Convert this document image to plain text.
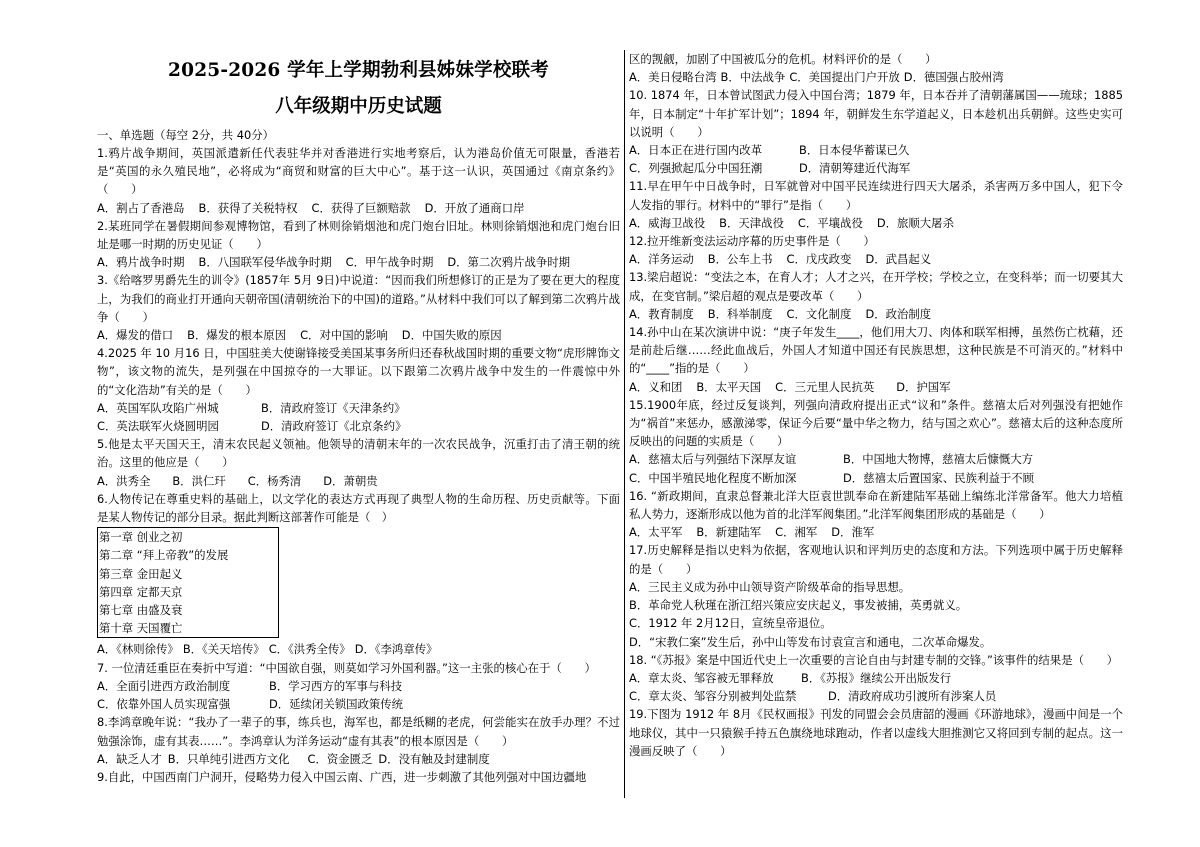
2025-2026 学年上学期勃利县姊妹学校联考
八年级期中历史试题
一、单选题（每空 2分，共 40分）

1.鸦片战争期间，英国派遣新任代表驻华并对香港进行实地考察后，认为港岛价值无可限量，香港若是“英国的永久殖民地”，必将成为“商贸和财富的巨大中心”。基于这一认识，英国通过《南京条约》（　　）

A．割占了香港岛 B．获得了关税特权 C．获得了巨额赔款 D．开放了通商口岸

2.某班同学在暑假期间参观博物馆，看到了林则徐销烟池和虎门炮台旧址。林则徐销烟池和虎门炮台旧址是哪一时期的历史见证（　　）

A．鸦片战争时期 B．八国联军侵华战争时期 C．甲午战争时期 D．第二次鸦片战争时期

3.《给喀罗男爵先生的训令》(1857年 5月 9日)中说道：“因而我们所想修订的正是为了要在更大的程度上，为我们的商业打开通向天朝帝国(清朝统治下的中国)的道路。”从材料中我们可以了解到第二次鸦片战争（　　）

A．爆发的借口 B．爆发的根本原因 C．对中国的影响 D．中国失败的原因

4.2025 年 10 月16 日，中国驻美大使谢锋接受美国某事务所归还春秋战国时期的重要文物“虎形牌饰文物”，该文物的流失，是列强在中国掠夺的一大罪证。以下跟第二次鸦片战争中发生的一件震惊中外的“文化浩劫”有关的是（　　）

A．英国军队攻陷广州城	B．清政府签订《天津条约》
C．英法联军火烧圆明园	D．清政府签订《北京条约》

5.他是太平天国天王，清末农民起义领袖。他领导的清朝末年的一次农民战争，沉重打击了清王朝的统治。这里的他应是（　　）

A．洪秀全 B．洪仁玕 C．杨秀清 D．萧朝贵

6.人物传记在尊重史料的基础上，以文学化的表达方式再现了典型人物的生命历程、历史贡献等。下面是某人物传记的部分目录。据此判断这部著作可能是（　）

第一章 创业之初
第二章 “拜上帝教”的发展
第三章 金田起义
第四章 定都天京
第七章 由盛及衰
第十章 天国覆亡
A．《林则徐传》 B．《关天培传》 C．《洪秀全传》 D．《李鸿章传》

7. 一位清廷重臣在奏折中写道：“中国欲自强，则莫如学习外国利器。”这一主张的核心在于（　　）

A．全面引进西方政治制度	B．学习西方的军事与科技
C．依靠外国人员实现富强	D．延续闭关锁国政策传统

8.李鸿章晚年说：“我办了一辈子的事，练兵也，海军也，都是纸糊的老虎，何尝能实在放手办理？不过勉强涂饰，虚有其表……”。李鸿章认为洋务运动“虚有其表”的根本原因是（　　）

A．缺乏人才 B．只单纯引进西方文化 C．资金匮乏 D．没有触及封建制度

9.自此，中国西南门户洞开，侵略势力侵入中国云南、广西，进一步刺激了其他列强对中国边疆地

区的觊觎，加剧了中国被瓜分的危机。材料评价的是（　　）

A．美日侵略台湾 B．中法战争 C．美国提出门户开放 D．德国强占胶州湾

10. 1874 年，日本曾试图武力侵入中国台湾；1879 年，日本吞并了清朝藩属国——琉球；1885 年，日本制定“十年扩军计划”；1894 年，朝鲜发生东学道起义，日本趁机出兵朝鲜。这些史实可以说明（　　）

A．日本正在进行国内改革	B．日本侵华蓄谋已久
C．列强掀起瓜分中国狂潮	D．清朝筹建近代海军

11.早在甲午中日战争时，日军就曾对中国平民连续进行四天大屠杀，杀害两万多中国人，犯下令人发指的罪行。材料中的“罪行”是指（　　）

A．威海卫战役 B．天津战役 C．平壤战役 D．旅顺大屠杀

12.拉开维新变法运动序幕的历史事件是（　　）

A．洋务运动 B．公车上书 C．戊戌政变 D．武昌起义

13.梁启超说：“变法之本，在育人才；人才之兴，在开学校；学校之立，在变科举；而一切要其大成，在变官制。”梁启超的观点是要改革（　　）

A．教育制度 B．科举制度 C．文化制度 D．政治制度

14.孙中山在某次演讲中说：“庚子年发生____，他们用大刀、肉体和联军相搏，虽然伤亡枕藉，还是前赴后继……经此血战后，外国人才知道中国还有民族思想，这种民族是不可消灭的。”材料中的“____”指的是（　　）

A．义和团 B．太平天国 C．三元里人民抗英 D．护国军

15.1900年底，经过反复谈判，列强向清政府提出正式“议和”条件。慈禧太后对列强没有把她作为“祸首”来惩办，感激涕零，保证今后要“量中华之物力，结与国之欢心”。慈禧太后的这种态度所反映出的问题的实质是（　　）

A．慈禧太后与列强结下深厚友谊	B．中国地大物博，慈禧太后慷慨大方
C．中国半殖民地化程度不断加深	D．慈禧太后置国家、民族利益于不顾

16. “新政期间，直隶总督兼北洋大臣袁世凯奉命在新建陆军基础上编练北洋常备军。他大力培植私人势力，逐渐形成以他为首的北洋军阀集团。”北洋军阀集团形成的基础是（　　）

A．太平军 B．新建陆军 C．湘军 D．淮军

17.历史解释是指以史料为依据，客观地认识和评判历史的态度和方法。下列选项中属于历史解释的是（　　）

A．三民主义成为孙中山领导资产阶级革命的指导思想。
B．革命党人秋瑾在浙江绍兴策应安庆起义，事发被捕，英勇就义。
C．1912 年 2月12日，宣统皇帝退位。
D．“宋教仁案”发生后，孙中山等发布讨袁宣言和通电，二次革命爆发。

18. “《苏报》案是中国近代史上一次重要的言论自由与封建专制的交锋。”该事件的结果是（　　）

A．章太炎、邹容被无罪释放 B．《苏报》继续公开出版发行
C．章太炎、邹容分别被判处监禁	D．清政府成功引渡所有涉案人员

19.下图为 1912 年 8月《民权画报》刊发的同盟会会员唐韶的漫画《环游地球》，漫画中间是一个地球仪，其中一只猿猴手持五色旗绕地球跑动，作者以虚线大胆推测它又将回到专制的起点。这一漫画反映了（　　）
